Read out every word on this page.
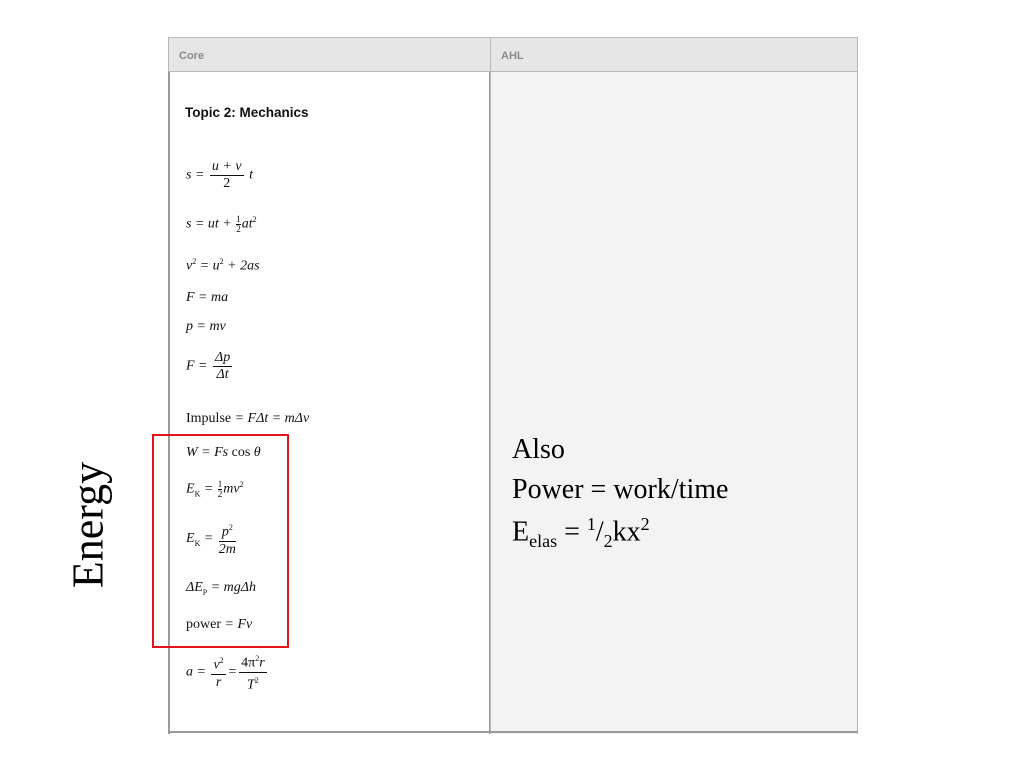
Core	AHL
Topic 2: Mechanics
$s = \frac{u + v}{2}$ t
s = ut + $\frac{1}{2} at^2$
$v^2 = u^2 + 2as$
F = ma
p = mv
$F = \frac{\Delta p}{\Delta t}$
Impulse = FΔt = mΔv
W = Fs cos θ
$E_K = \frac{1}{2} mv^2$
$E_K = \frac{p^2}{2m}$
$\Delta E_P = mg\Delta h$
power = Fv
$a = \frac{v^2}{r} = \frac{4\pi^2r}{T^2}$
Energy
Also
Power = work/time
$E_{elas} = ^1/_2kx^2$
